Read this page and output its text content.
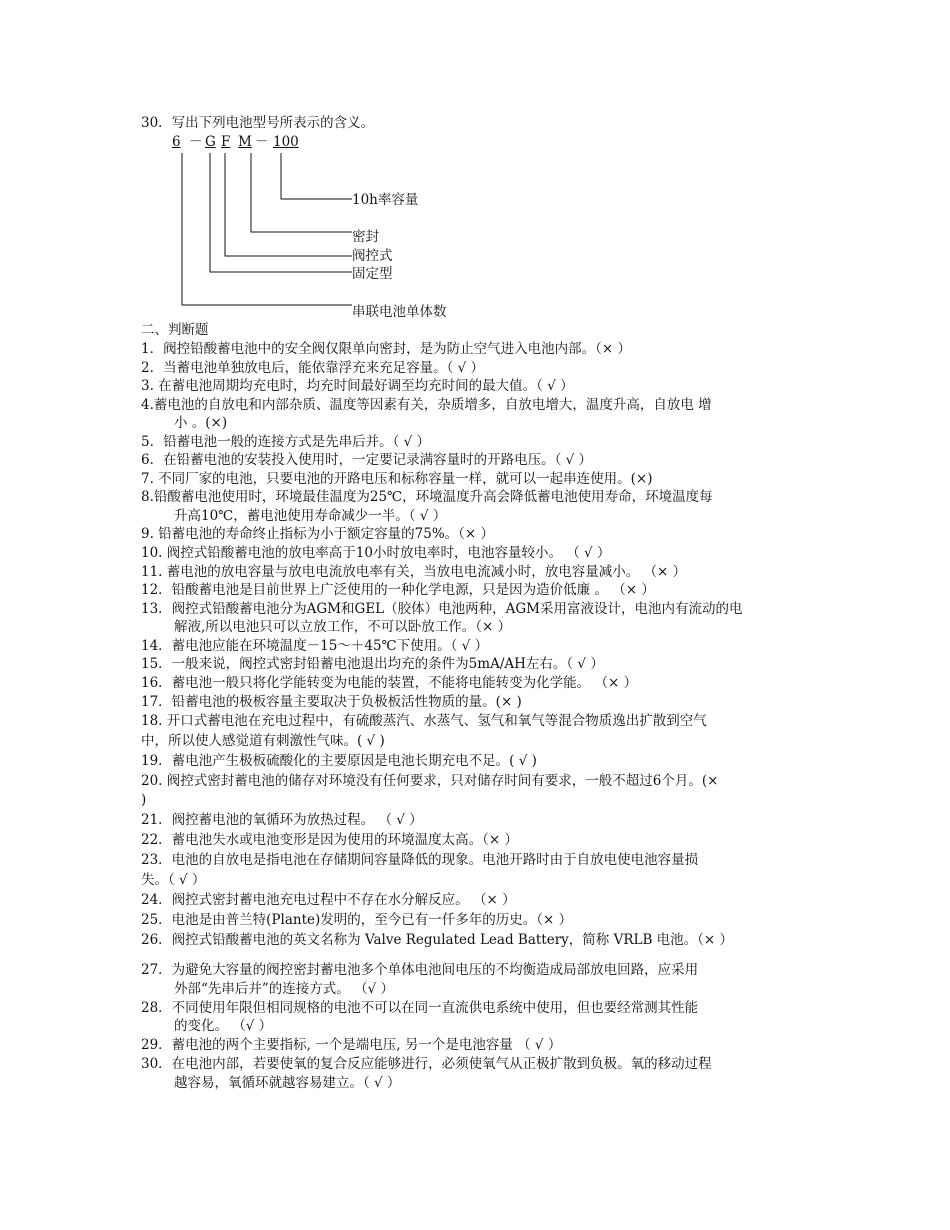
30．写出下列电池型号所表示的含义。
6 － G F M － 100
10h率容量
密封
阀控式
固定型
串联电池单体数
二、判断题
1．阀控铅酸蓄电池中的安全阀仅限单向密封，是为防止空气进入电池内部。（× ）
2．当蓄电池单独放电后，能依靠浮充来充足容量。（ √ ）
3. 在蓄电池周期均充电时，均充时间最好调至均充时间的最大值。（ √ ）
4.蓄电池的自放电和内部杂质、温度等因素有关，杂质增多，自放电增大，温度升高，自放电 增
小 。(×)
5．铅蓄电池一般的连接方式是先串后并。（ √ ）
6．在铅蓄电池的安装投入使用时，一定要记录满容量时的开路电压。（ √ ）
7. 不同厂家的电池，只要电池的开路电压和标称容量一样，就可以一起串连使用。(×)
8.铅酸蓄电池使用时，环境最佳温度为25℃，环境温度升高会降低蓄电池使用寿命，环境温度每
升高10℃，蓄电池使用寿命减少一半。（ √ ）
9. 铅蓄电池的寿命终止指标为小于额定容量的75%。（× ）
10. 阀控式铅酸蓄电池的放电率高于10小时放电率时，电池容量较小。 （ √ ）
11. 蓄电池的放电容量与放电电流放电率有关，当放电电流减小时，放电容量减小。 （× ）
12．铅酸蓄电池是目前世界上广泛使用的一种化学电源，只是因为造价低廉 。 （× ）
13．阀控式铅酸蓄电池分为AGM和GEL（胶体）电池两种，AGM采用富液设计，电池内有流动的电
解液,所以电池只可以立放工作，不可以卧放工作。（× ）
14．蓄电池应能在环境温度－15～＋45℃下使用。（ √ ）
15．一般来说，阀控式密封铅蓄电池退出均充的条件为5mA/AH左右。（ √ ）
16．蓄电池一般只将化学能转变为电能的装置，不能将电能转变为化学能。 （× ）
17．铅蓄电池的极板容量主要取决于负极板活性物质的量。(× )
18. 开口式蓄电池在充电过程中，有硫酸蒸汽、水蒸气、氢气和氧气等混合物质逸出扩散到空气
中，所以使人感觉道有刺激性气味。( √ )
19．蓄电池产生极板硫酸化的主要原因是电池长期充电不足。( √ )
20. 阀控式密封蓄电池的储存对环境没有任何要求，只对储存时间有要求，一般不超过6个月。(×
)
21．阀控蓄电池的氧循环为放热过程。 （ √ ）
22．蓄电池失水或电池变形是因为使用的环境温度太高。（× ）
23．电池的自放电是指电池在存储期间容量降低的现象。电池开路时由于自放电使电池容量损
失。（ √ ）
24．阀控式密封蓄电池充电过程中不存在水分解反应。 （× ）
25．电池是由普兰特(Plante)发明的，至今已有一仟多年的历史。（× ）
26．阀控式铅酸蓄电池的英文名称为 Valve Regulated Lead Battery，简称 VRLB 电池。（× ）
27．为避免大容量的阀控密封蓄电池多个单体电池间电压的不均衡造成局部放电回路，应采用
外部“先串后并”的连接方式。 （√ ）
28．不同使用年限但相同规格的电池不可以在同一直流供电系统中使用，但也要经常测其性能
的变化。 （√ ）
29．蓄电池的两个主要指标, 一个是端电压, 另一个是电池容量 （ √ ）
30．在电池内部，若要使氧的复合反应能够进行，必须使氧气从正极扩散到负极。氧的移动过程
越容易，氧循环就越容易建立。（ √ ）
